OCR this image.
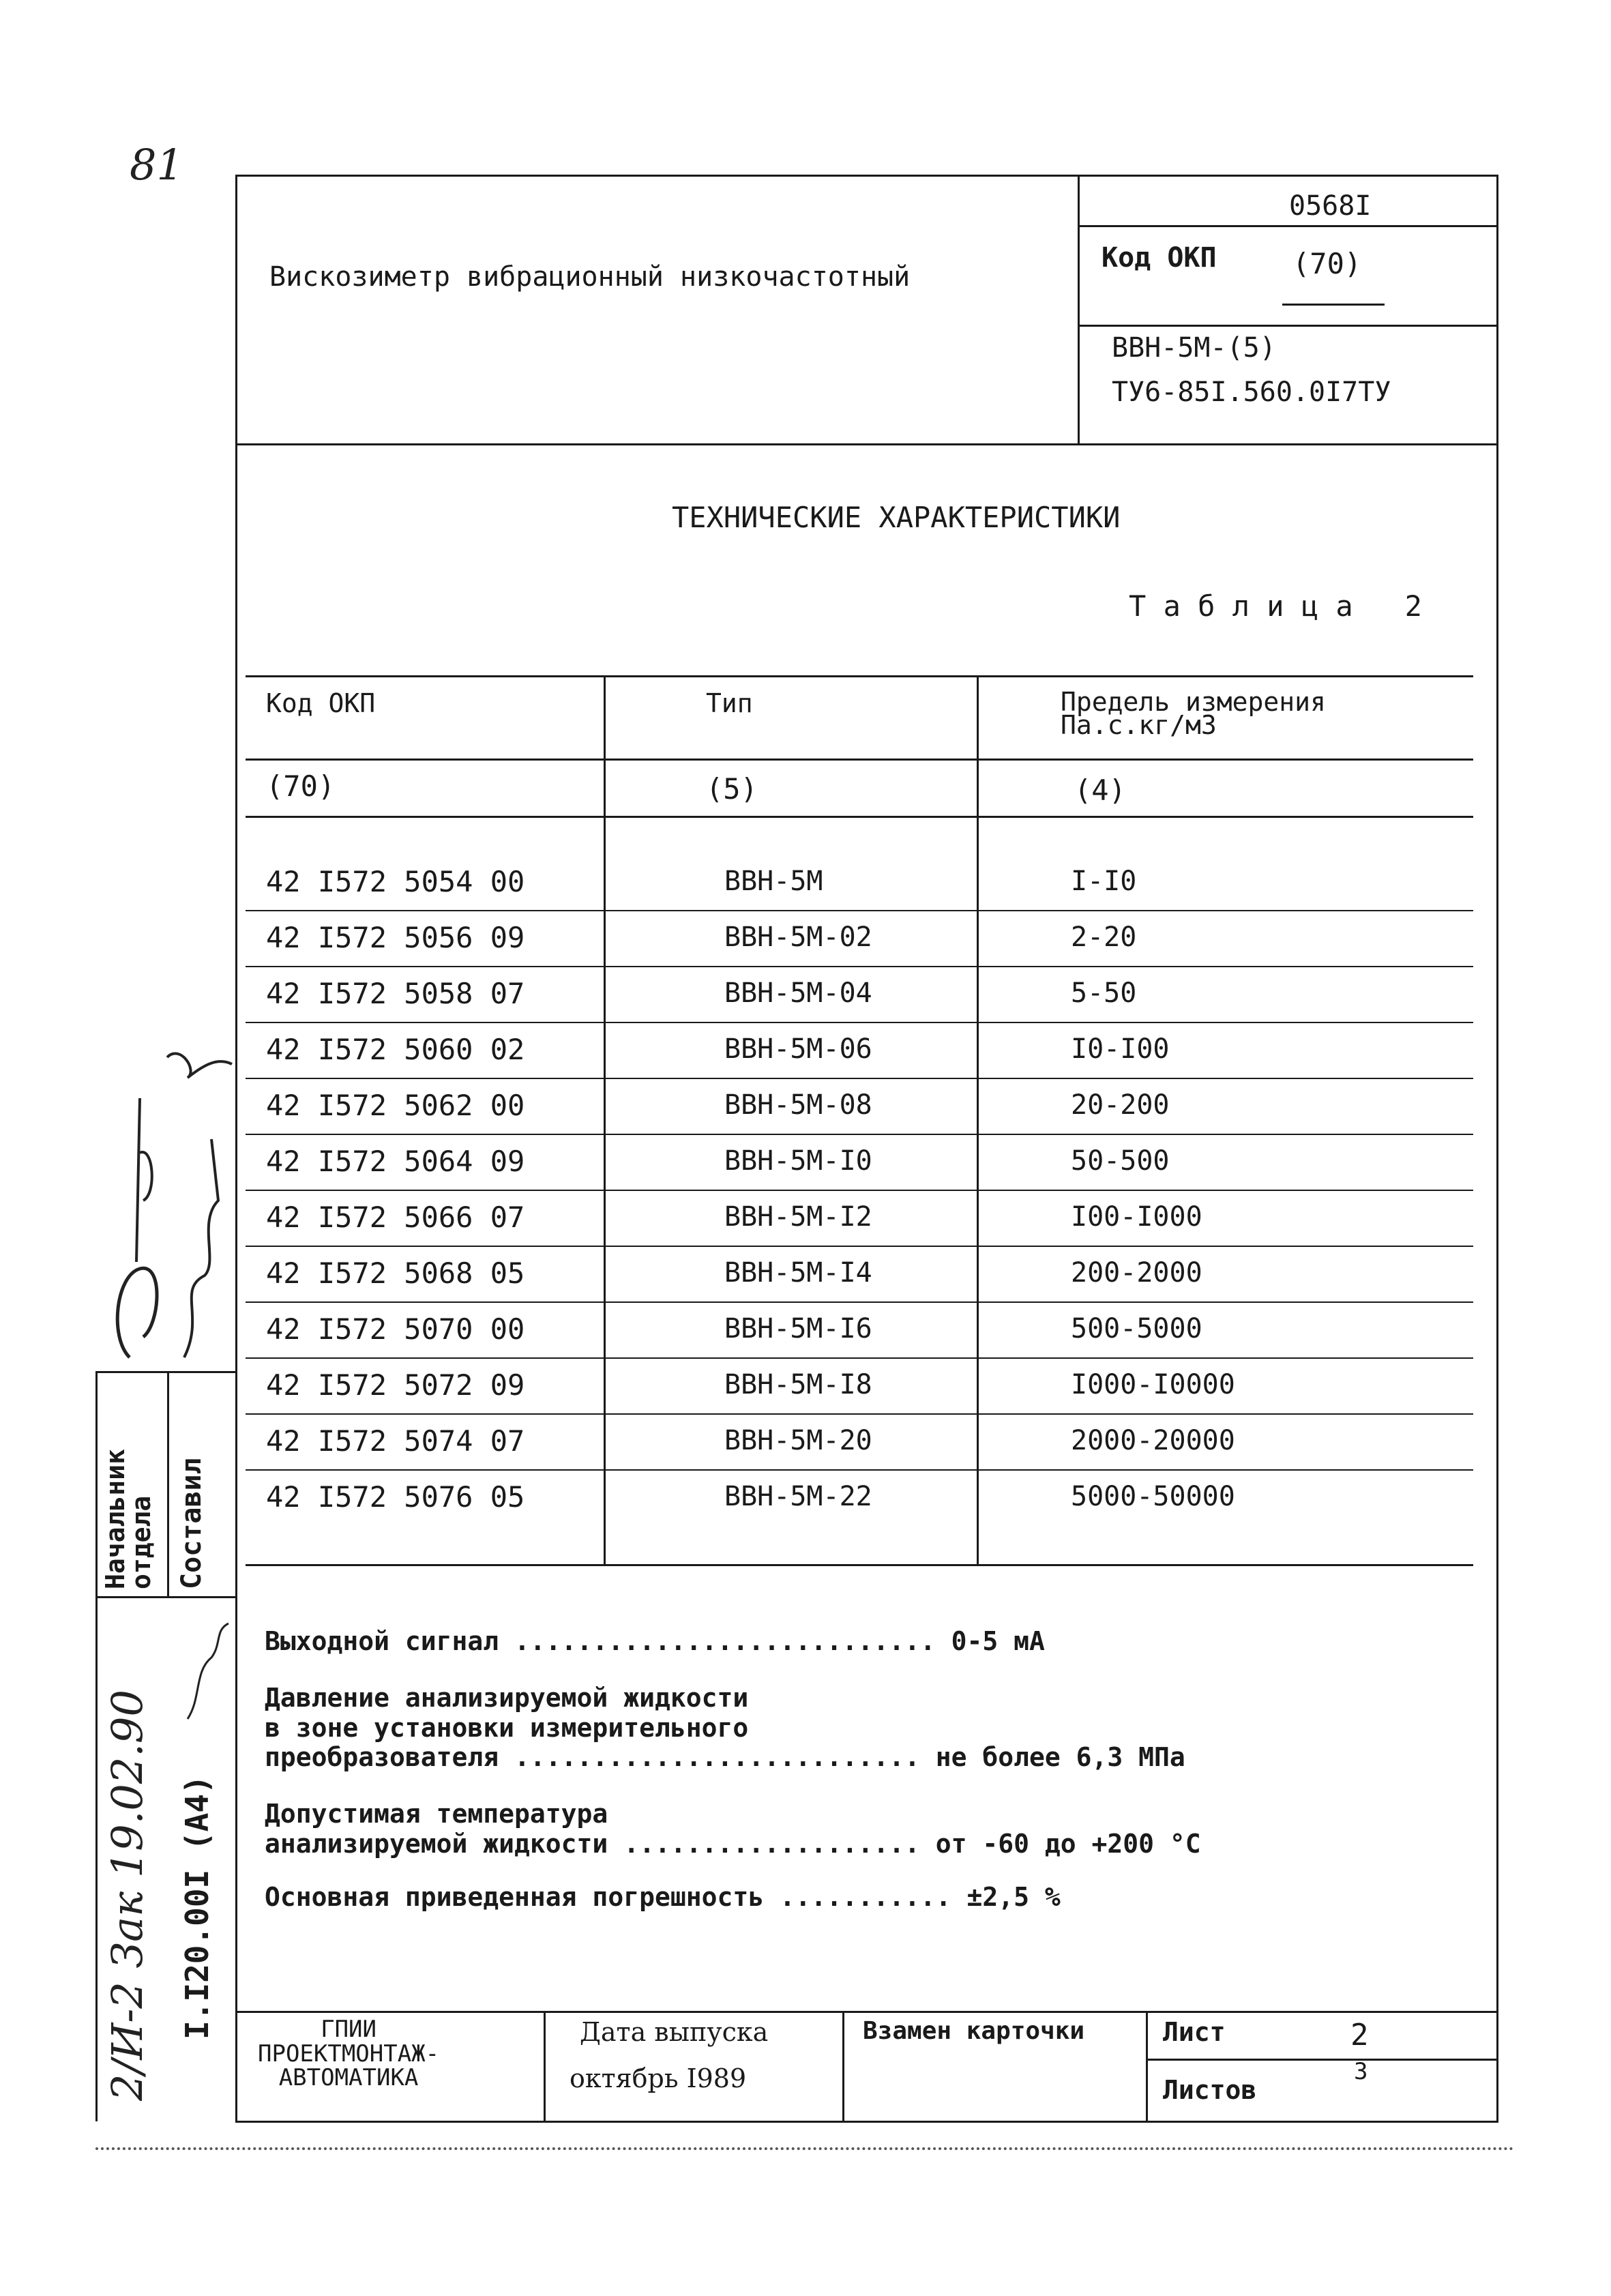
81
Вискозиметр вибрационный низкочастотный
0568I
Код ОКП	(70)
ВВН-5М-(5)
ТУ6-85I.560.0I7ТУ
ТЕХНИЧЕСКИЕ ХАРАКТЕРИСТИКИ
Т а б л и ц а   2
Код ОКП	Тип	Предель измерения
Па.с.кг/м3
(70)	(5)	(4)
42 I572 5054 00	ВВН-5М	I-I0
42 I572 5056 09	ВВН-5М-02	2-20
42 I572 5058 07	ВВН-5М-04	5-50
42 I572 5060 02	ВВН-5М-06	I0-I00
42 I572 5062 00	ВВН-5М-08	20-200
42 I572 5064 09	ВВН-5М-I0	50-500
42 I572 5066 07	ВВН-5М-I2	I00-I000
42 I572 5068 05	ВВН-5М-I4	200-2000
42 I572 5070 00	ВВН-5М-I6	500-5000
42 I572 5072 09	ВВН-5М-I8	I000-I0000
42 I572 5074 07	ВВН-5М-20	2000-20000
42 I572 5076 05	ВВН-5М-22	5000-50000
Выходной сигнал ........................... 0-5 мА
Давление анализируемой жидкости
в зоне установки измерительного
преобразователя .......................... не более 6,3 МПа
Допустимая температура
анализируемой жидкости ................... от -60 до +200 °С
Основная приведенная погрешность ........... ±2,5 %
Начальник
отдела Составил
I.I20.00I (А4)
2/И-2 Зак 19.02.90	ГПИИ
ПРОЕКТМОНТАЖ-
АВТОМАТИКА
Дата выпуска
октябрь I989
Взамен карточки	Лист	2
Листов
3
